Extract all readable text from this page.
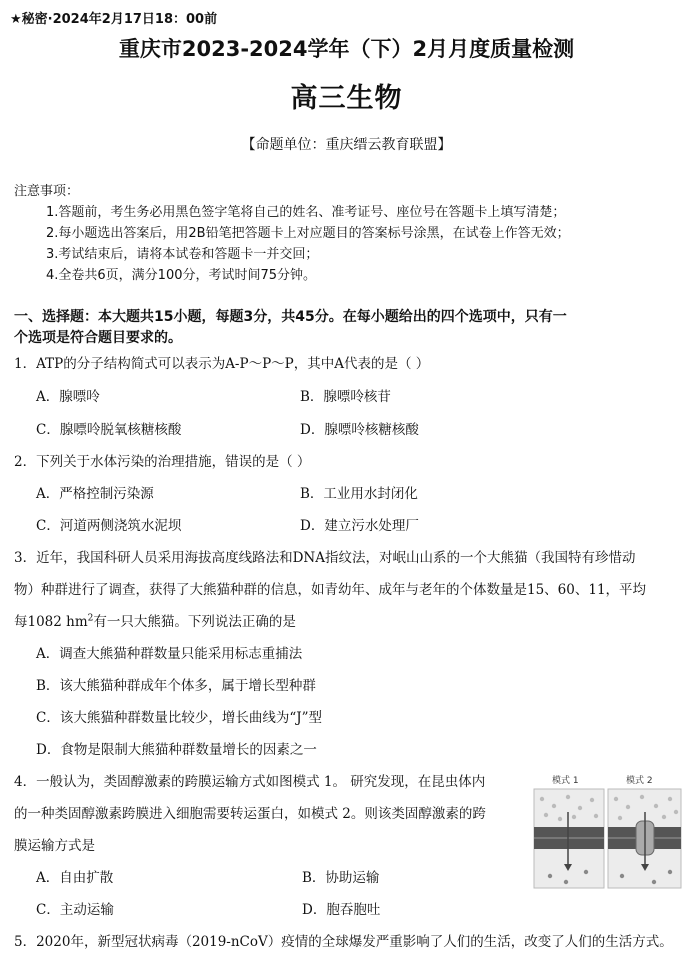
★秘密·2024年2月17日18：00前
重庆市2023-2024学年（下）2月月度质量检测
高三生物
【命题单位：重庆缙云教育联盟】
注意事项：
1.答题前，考生务必用黑色签字笔将自己的姓名、准考证号、座位号在答题卡上填写清楚；
2.每小题选出答案后，用2B铅笔把答题卡上对应题目的答案标号涂黑，在试卷上作答无效；
3.考试结束后，请将本试卷和答题卡一并交回；
4.全卷共6页，满分100分，考试时间75分钟。
一、选择题：本大题共15小题，每题3分，共45分。在每小题给出的四个选项中，只有一
个选项是符合题目要求的。
1．ATP的分子结构简式可以表示为A-P～P～P，其中A代表的是（ ）
A．腺嘌呤	B．腺嘌呤核苷
C．腺嘌呤脱氧核糖核酸	D．腺嘌呤核糖核酸
2．下列关于水体污染的治理措施，错误的是（ ）
A．严格控制污染源	B．工业用水封闭化
C．河道两侧浇筑水泥坝	D．建立污水处理厂
3．近年，我国科研人员采用海拔高度线路法和DNA指纹法，对岷山山系的一个大熊猫（我国特有珍惜动
物）种群进行了调查，获得了大熊猫种群的信息，如青幼年、成年与老年的个体数量是15、60、11，平均
每1082 $hm^2$有一只大熊猫。下列说法正确的是
A．调查大熊猫种群数量只能采用标志重捕法
B．该大熊猫种群成年个体多，属于增长型种群
C．该大熊猫种群数量比较少，增长曲线为“J”型
D．食物是限制大熊猫种群数量增长的因素之一
4．一般认为，类固醇激素的跨膜运输方式如图模式 1。 研究发现，在昆虫体内
的一种类固醇激素跨膜进入细胞需要转运蛋白，如模式 2。则该类固醇激素的跨
膜运输方式是
A．自由扩散	B．协助运输
C．主动运输	D．胞吞胞吐
模式 1	模式 2
5．2020年，新型冠状病毒（2019-nCoV）疫情的全球爆发严重影响了人们的生活，改变了人们的生活方式。
